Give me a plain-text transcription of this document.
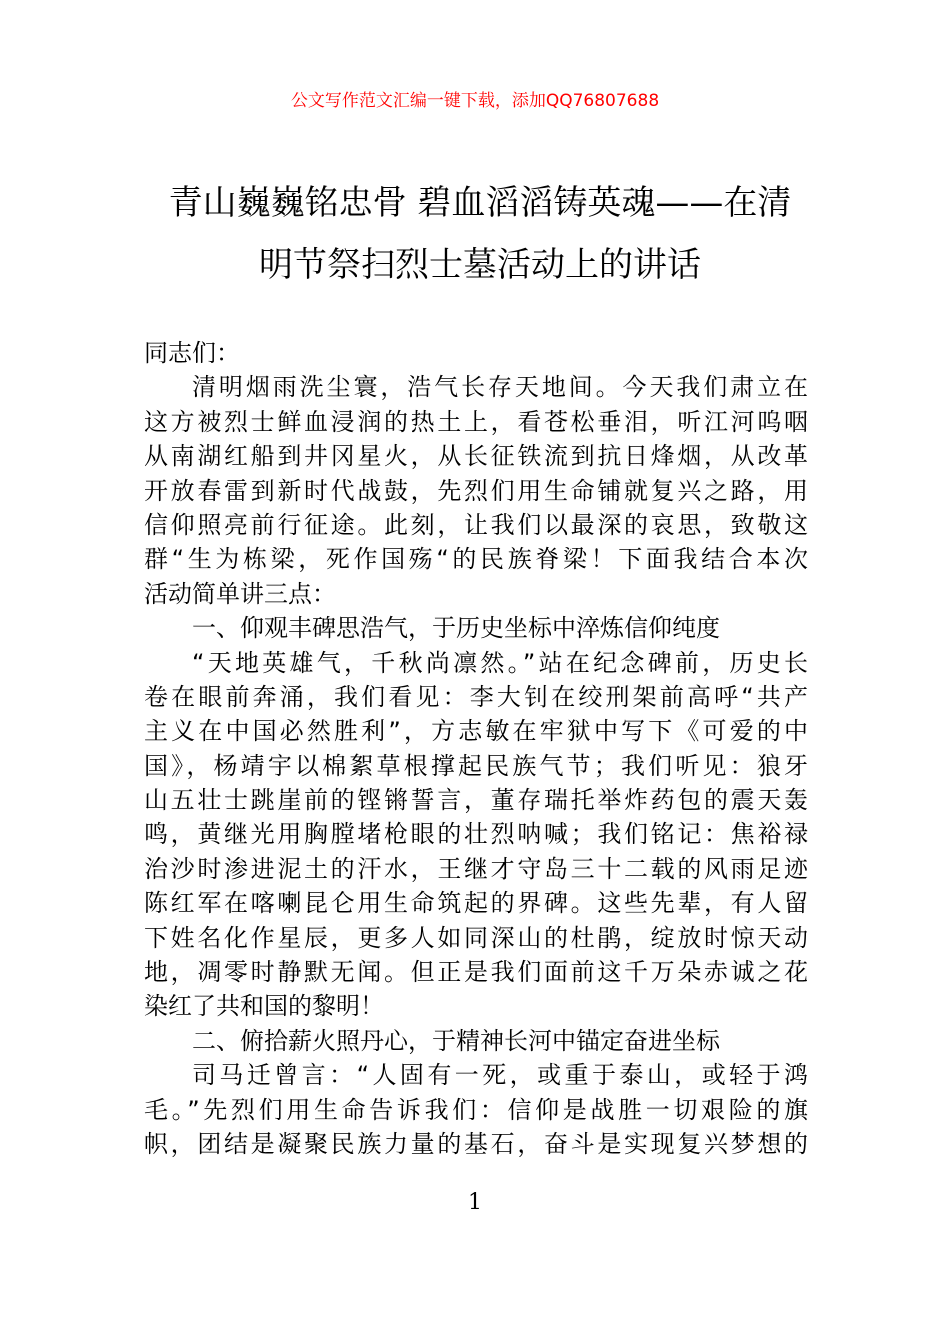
公文写作范文汇编一键下载，添加QQ76807688
青山巍巍铭忠骨 碧血滔滔铸英魂——在清
明节祭扫烈士墓活动上的讲话
同志们：
清明烟雨洗尘寰，浩气长存天地间。今天我们肃立在
这方被烈士鲜血浸润的热土上，看苍松垂泪，听江河呜咽
从南湖红船到井冈星火，从长征铁流到抗日烽烟，从改革
开放春雷到新时代战鼓，先烈们用生命铺就复兴之路，用
信仰照亮前行征途。此刻，让我们以最深的哀思，致敬这
群“生为栋梁，死作国殇“的民族脊梁！下面我结合本次
活动简单讲三点：
一、仰观丰碑思浩气，于历史坐标中淬炼信仰纯度
“天地英雄气，千秋尚凛然。”站在纪念碑前，历史长
卷在眼前奔涌，我们看见：李大钊在绞刑架前高呼“共产
主义在中国必然胜利”，方志敏在牢狱中写下《可爱的中
国》，杨靖宇以棉絮草根撑起民族气节；我们听见：狼牙
山五壮士跳崖前的铿锵誓言，董存瑞托举炸药包的震天轰
鸣，黄继光用胸膛堵枪眼的壮烈呐喊；我们铭记：焦裕禄
治沙时渗进泥土的汗水，王继才守岛三十二载的风雨足迹
陈红军在喀喇昆仑用生命筑起的界碑。这些先辈，有人留
下姓名化作星辰，更多人如同深山的杜鹃，绽放时惊天动
地，凋零时静默无闻。但正是我们面前这千万朵赤诚之花
染红了共和国的黎明！
二、俯拾薪火照丹心，于精神长河中锚定奋进坐标
司马迁曾言：“人固有一死，或重于泰山，或轻于鸿
毛。”先烈们用生命告诉我们：信仰是战胜一切艰险的旗
帜，团结是凝聚民族力量的基石，奋斗是实现复兴梦想的
1
